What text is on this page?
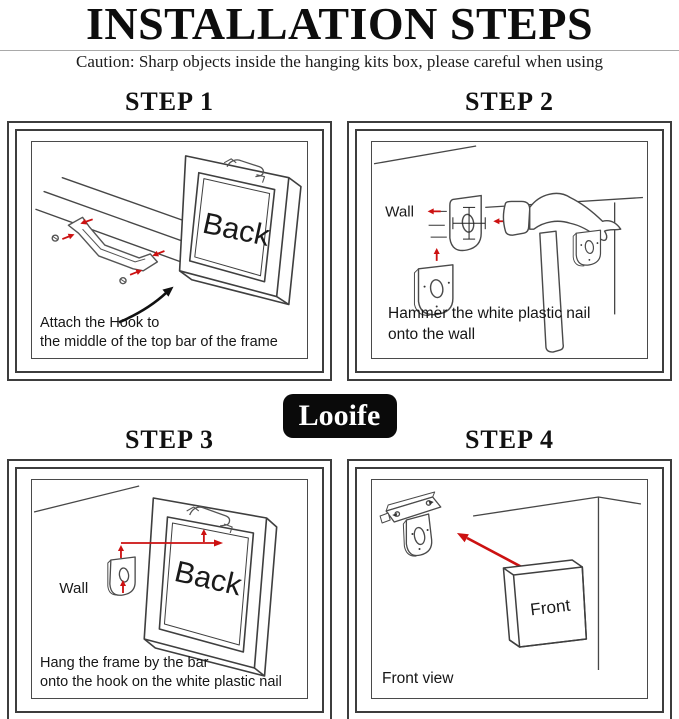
INSTALLATION STEPS
Caution: Sharp objects inside the hanging kits box, please careful when using
STEP 1
Back
Attach the Hook to
the middle of the top bar of the frame
STEP 2
Wall
Hammer the white plastic nail
onto the wall
Looife
STEP 3
Back
Wall
Hang the frame by the bar
onto the hook on the white plastic nail
STEP 4
Front
Front view
